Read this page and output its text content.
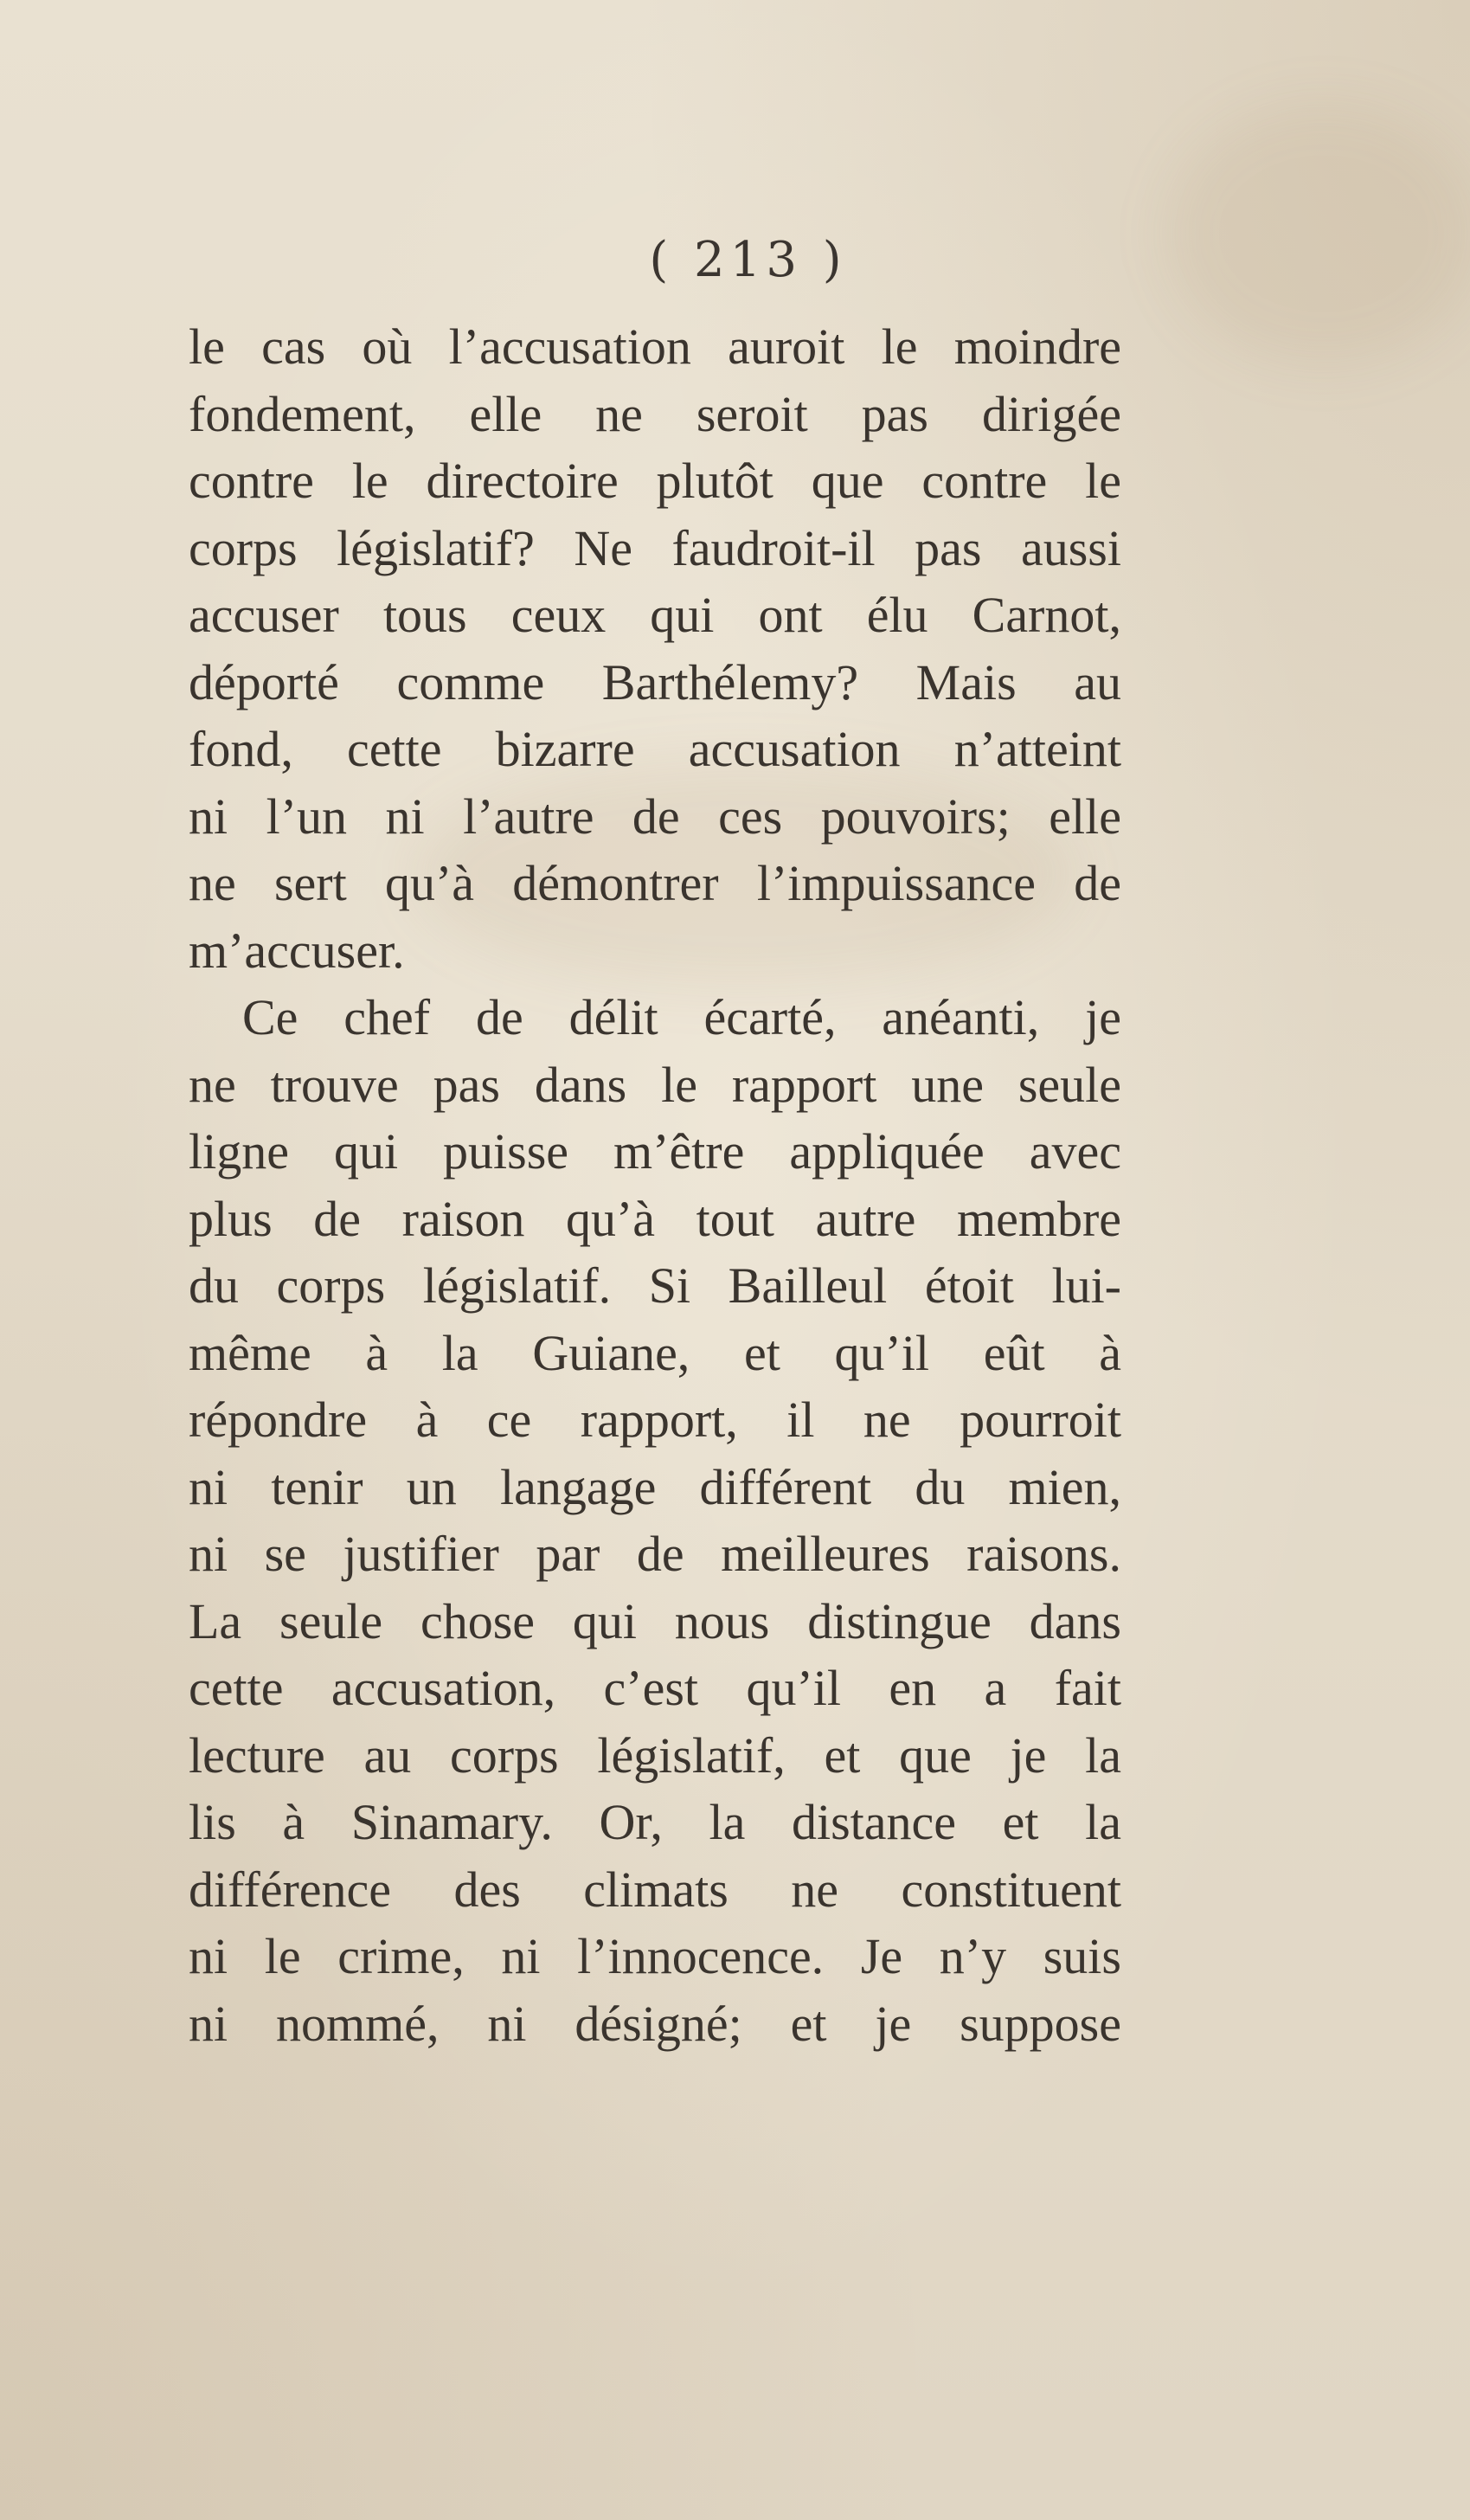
( 213 )
le cas où l’accusation auroit le moindre
fondement, elle ne seroit pas dirigée
contre le directoire plutôt que contre le
corps législatif? Ne faudroit-il pas aussi
accuser tous ceux qui ont élu Carnot,
déporté comme Barthélemy? Mais au
fond, cette bizarre accusation n’atteint
ni l’un ni l’autre de ces pouvoirs; elle
ne sert qu’à démontrer l’impuissance de
m’accuser.
Ce chef de délit écarté, anéanti, je
ne trouve pas dans le rapport une seule
ligne qui puisse m’être appliquée avec
plus de raison qu’à tout autre membre
du corps législatif. Si Bailleul étoit lui-
même à la Guiane, et qu’il eût à
répondre à ce rapport, il ne pourroit
ni tenir un langage différent du mien,
ni se justifier par de meilleures raisons.
La seule chose qui nous distingue dans
cette accusation, c’est qu’il en a fait
lecture au corps législatif, et que je la
lis à Sinamary. Or, la distance et la
différence des climats ne constituent
ni le crime, ni l’innocence. Je n’y suis
ni nommé, ni désigné; et je suppose
